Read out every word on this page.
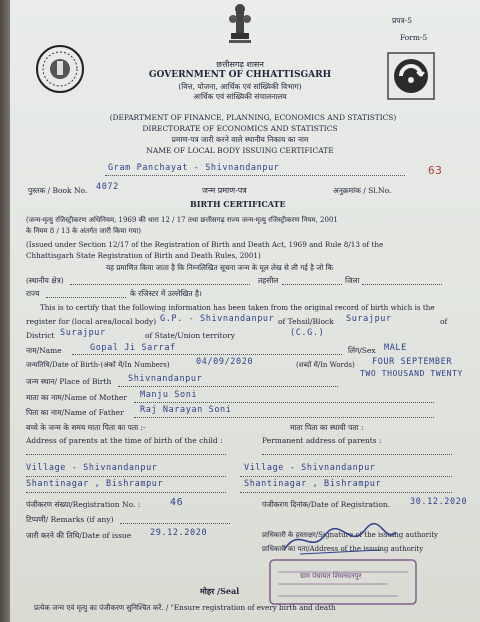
प्रपत्र-5
Form-5
छत्तीसगढ़ शासन
GOVERNMENT OF CHHATTISGARH
(वित्त, योजना, आर्थिक एवं सांख्यिकी विभाग)
आर्थिक एवं सांख्यिकी संचालनालय
(DEPARTMENT OF FINANCE, PLANNING, ECONOMICS AND STATISTICS)
DIRECTORATE OF ECONOMICS AND STATISTICS
प्रमाण-पत्र जारी करने वाले स्थानीय निकाय का नाम
NAME OF LOCAL BODY ISSUING CERTIFICATE
Gram Panchayat - Shivnandanpur	63
पुस्तक / Book No. 4072	जन्म प्रमाण-पत्र	अनुक्रमांक / Sl.No.
BIRTH CERTIFICATE
(जन्म-मृत्यु रजिस्ट्रीकरण अधिनियम, 1969 की धारा 12 / 17 तथा छत्तीसगढ़ राज्य जन्म-मृत्यु रजिस्ट्रीकरण नियम, 2001
के नियम 8 / 13 के अंतर्गत जारी किया गया)
(Issued under Section 12/17 of the Registration of Birth and Death Act, 1969 and Rule 8/13 of the
Chhattisgarh State Registration of Birth and Death Rules, 2001)
यह प्रमाणित किया जाता है कि निम्नलिखित सूचना जन्म के मूल लेख से ली गई है जो कि
(स्थानीय क्षेत्र)	तहसील	जिला
राज्य	के रजिस्टर में उल्लेखित है।
This is to certify that the following information has been taken from the original record of birth which is the
register for (local area/local body) G.P. - Shivnandanpur of Tehsil/Block Surajpur	of
District Surajpur	of State/Union territory	(C.G.)
नाम/Name	Gopal Ji Sarraf	लिंग/Sex MALE
जन्मतिथि/Date of Birth-(अंकों में/In Numbers)	04/09/2020	(शब्दों में/In Words) FOUR SEPTEMBER
TWO THOUSAND TWENTY
जन्म स्थान/ Place of Birth Shivnandanpur
माता का नाम/Name of Mother Manju Soni
पिता का नाम/Name of Father Raj Narayan Soni
बच्चे के जन्म के समय माता पिता का पता :-	माता पिता का स्थायी पता :
Address of parents at the time of birth of the child :	Permanent address of parents :
Village - Shivnandanpur	Village - Shivnandanpur
Shantinagar , Bishrampur	Shantinagar , Bishrampur
पंजीकरण संख्या/Registration No. :	46	पंजीकरण दिनांक/Date of Registration. 30.12.2020
टिप्पणी/ Remarks (if any)
जारी करने की तिथि/Date of issue 29.12.2020	प्राधिकारी के हस्ताक्षर/Signature of the issuing authority
प्राधिकारी का पता/Address of the issuing authority
ग्राम पंचायत शिवनंदनपुर
मोहर /Seal
प्रत्येक जन्म एवं मृत्यु का पंजीकरण सुनिश्चित करें. / "Ensure registration of every birth and death
